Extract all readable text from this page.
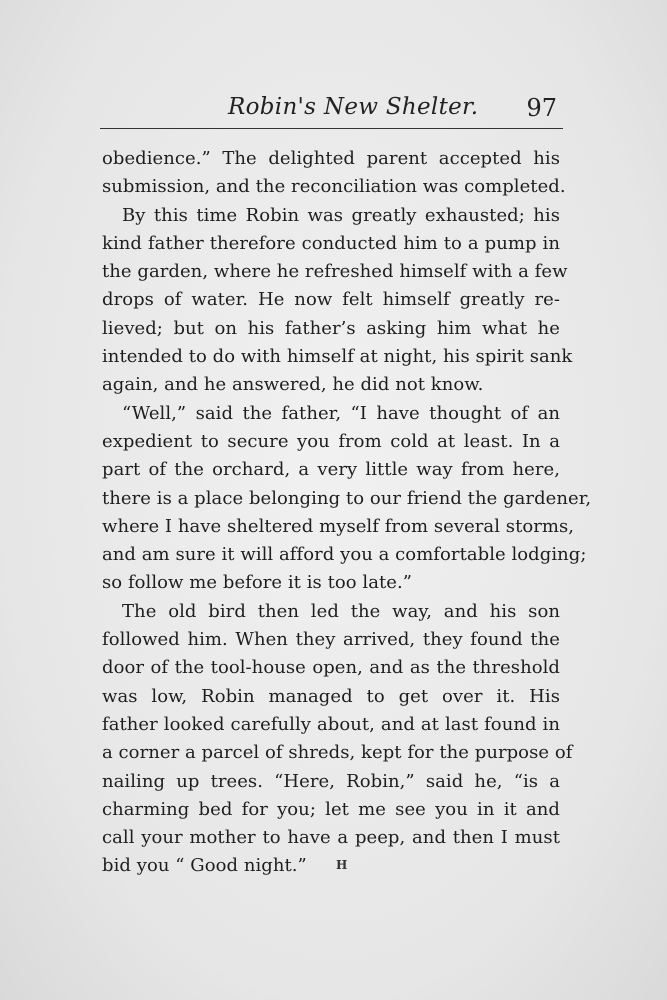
Robin's New Shelter. 97
obedience.” The delighted parent accepted his
submission, and the reconciliation was completed.
By this time Robin was greatly exhausted; his
kind father therefore conducted him to a pump in
the garden, where he refreshed himself with a few
drops of water. He now felt himself greatly re-
lieved; but on his father’s asking him what he
intended to do with himself at night, his spirit sank
again, and he answered, he did not know.
“Well,” said the father, “I have thought of an
expedient to secure you from cold at least. In a
part of the orchard, a very little way from here,
there is a place belonging to our friend the gardener,
where I have sheltered myself from several storms,
and am sure it will afford you a comfortable lodging;
so follow me before it is too late.”
The old bird then led the way, and his son
followed him. When they arrived, they found the
door of the tool-house open, and as the threshold
was low, Robin managed to get over it. His
father looked carefully about, and at last found in
a corner a parcel of shreds, kept for the purpose of
nailing up trees. “Here, Robin,” said he, “is a
charming bed for you; let me see you in it and
call your mother to have a peep, and then I must
bid you “ Good night.”	H
